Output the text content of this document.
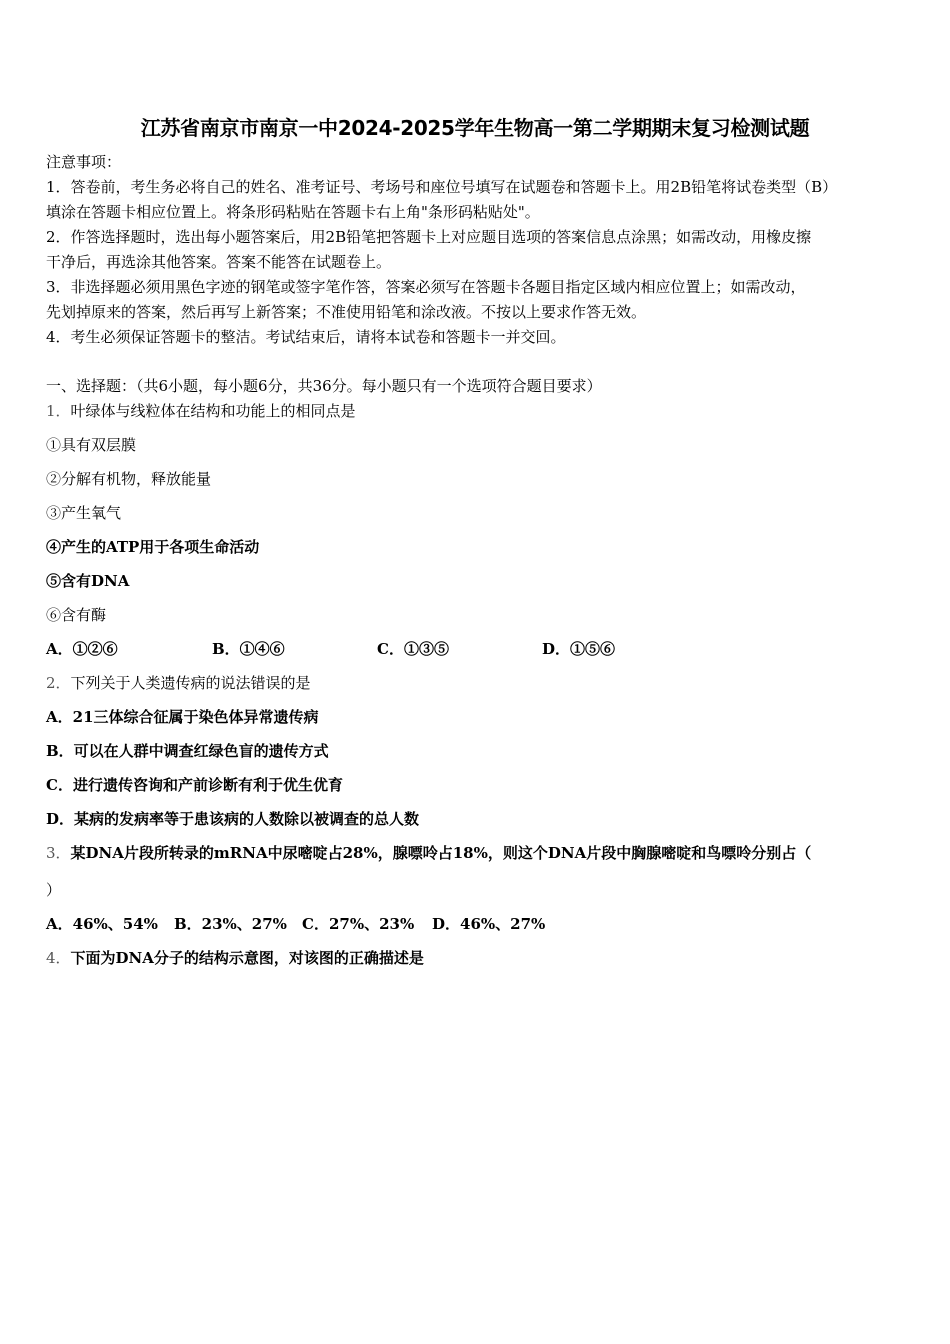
江苏省南京市南京一中2024-2025学年生物高一第二学期期末复习检测试题
注意事项：
1．答卷前，考生务必将自己的姓名、准考证号、考场号和座位号填写在试题卷和答题卡上。用2B铅笔将试卷类型（B）
填涂在答题卡相应位置上。将条形码粘贴在答题卡右上角"条形码粘贴处"。
2．作答选择题时，选出每小题答案后，用2B铅笔把答题卡上对应题目选项的答案信息点涂黑；如需改动，用橡皮擦
干净后，再选涂其他答案。答案不能答在试题卷上。
3．非选择题必须用黑色字迹的钢笔或签字笔作答，答案必须写在答题卡各题目指定区域内相应位置上；如需改动，
先划掉原来的答案，然后再写上新答案；不准使用铅笔和涂改液。不按以上要求作答无效。
4．考生必须保证答题卡的整洁。考试结束后，请将本试卷和答题卡一并交回。
一、选择题：（共6小题，每小题6分，共36分。每小题只有一个选项符合题目要求）
1．叶绿体与线粒体在结构和功能上的相同点是
①具有双层膜
②分解有机物，释放能量
③产生氧气
④产生的ATP用于各项生命活动
⑤含有DNA
⑥含有酶
A．①②⑥	B．①④⑥	C．①③⑤	D．①⑤⑥
2．下列关于人类遗传病的说法错误的是
A．21三体综合征属于染色体异常遗传病
B．可以在人群中调查红绿色盲的遗传方式
C．进行遗传咨询和产前诊断有利于优生优育
D．某病的发病率等于患该病的人数除以被调查的总人数
3．某DNA片段所转录的mRNA中尿嘧啶占28%，腺嘌呤占18%，则这个DNA片段中胸腺嘧啶和鸟嘌呤分别占（
）
A．46%、54% B．23%、27% C．27%、23% D．46%、27%
4．下面为DNA分子的结构示意图，对该图的正确描述是
